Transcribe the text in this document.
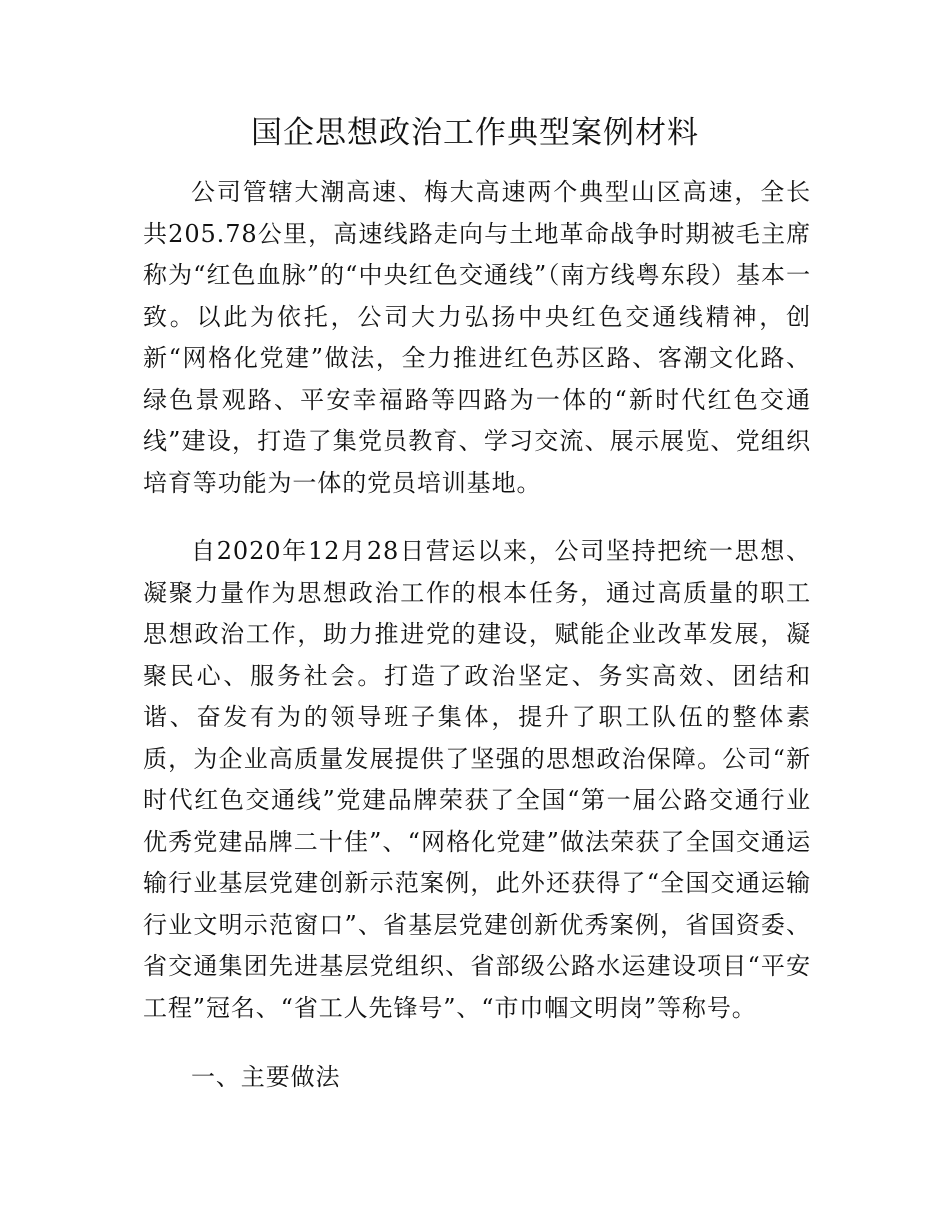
国企思想政治工作典型案例材料

公司管辖大潮高速、梅大高速两个典型山区高速，全长共205.78公里，高速线路走向与土地革命战争时期被毛主席称为“红色血脉”的“中央红色交通线”（南方线粤东段）基本一致。以此为依托，公司大力弘扬中央红色交通线精神，创新“网格化党建”做法，全力推进红色苏区路、客潮文化路、绿色景观路、平安幸福路等四路为一体的“新时代红色交通线”建设，打造了集党员教育、学习交流、展示展览、党组织培育等功能为一体的党员培训基地。

自2020年12月28日营运以来，公司坚持把统一思想、凝聚力量作为思想政治工作的根本任务，通过高质量的职工思想政治工作，助力推进党的建设，赋能企业改革发展，凝聚民心、服务社会。打造了政治坚定、务实高效、团结和谐、奋发有为的领导班子集体，提升了职工队伍的整体素质，为企业高质量发展提供了坚强的思想政治保障。公司“新时代红色交通线”党建品牌荣获了全国“第一届公路交通行业优秀党建品牌二十佳”、“网格化党建”做法荣获了全国交通运输行业基层党建创新示范案例，此外还获得了“全国交通运输行业文明示范窗口”、省基层党建创新优秀案例，省国资委、省交通集团先进基层党组织、省部级公路水运建设项目“平安工程”冠名、“省工人先锋号”、“市巾帼文明岗”等称号。

一、主要做法
